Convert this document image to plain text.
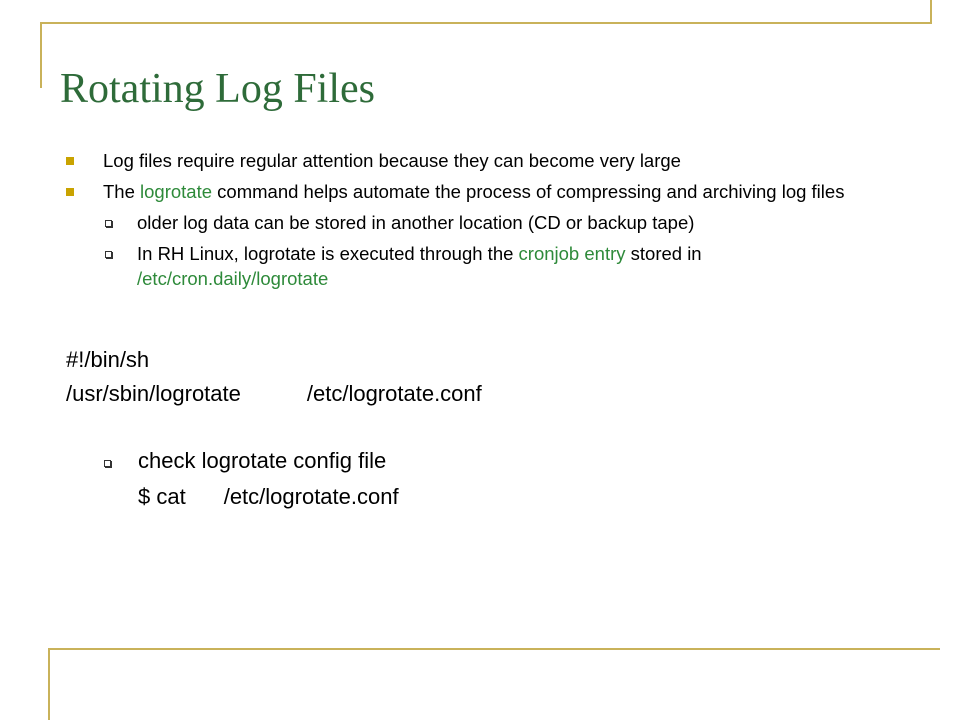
Rotating Log Files
Log files require regular attention because they can become very large
The logrotate command helps automate the process of compressing and archiving log files
older log data can be stored in another location (CD or backup tape)
In RH Linux, logrotate is executed through the cronjob entry stored in /etc/cron.daily/logrotate
#!/bin/sh
/usr/sbin/logrotate	/etc/logrotate.conf
check logrotate config file
$ cat /etc/logrotate.conf
